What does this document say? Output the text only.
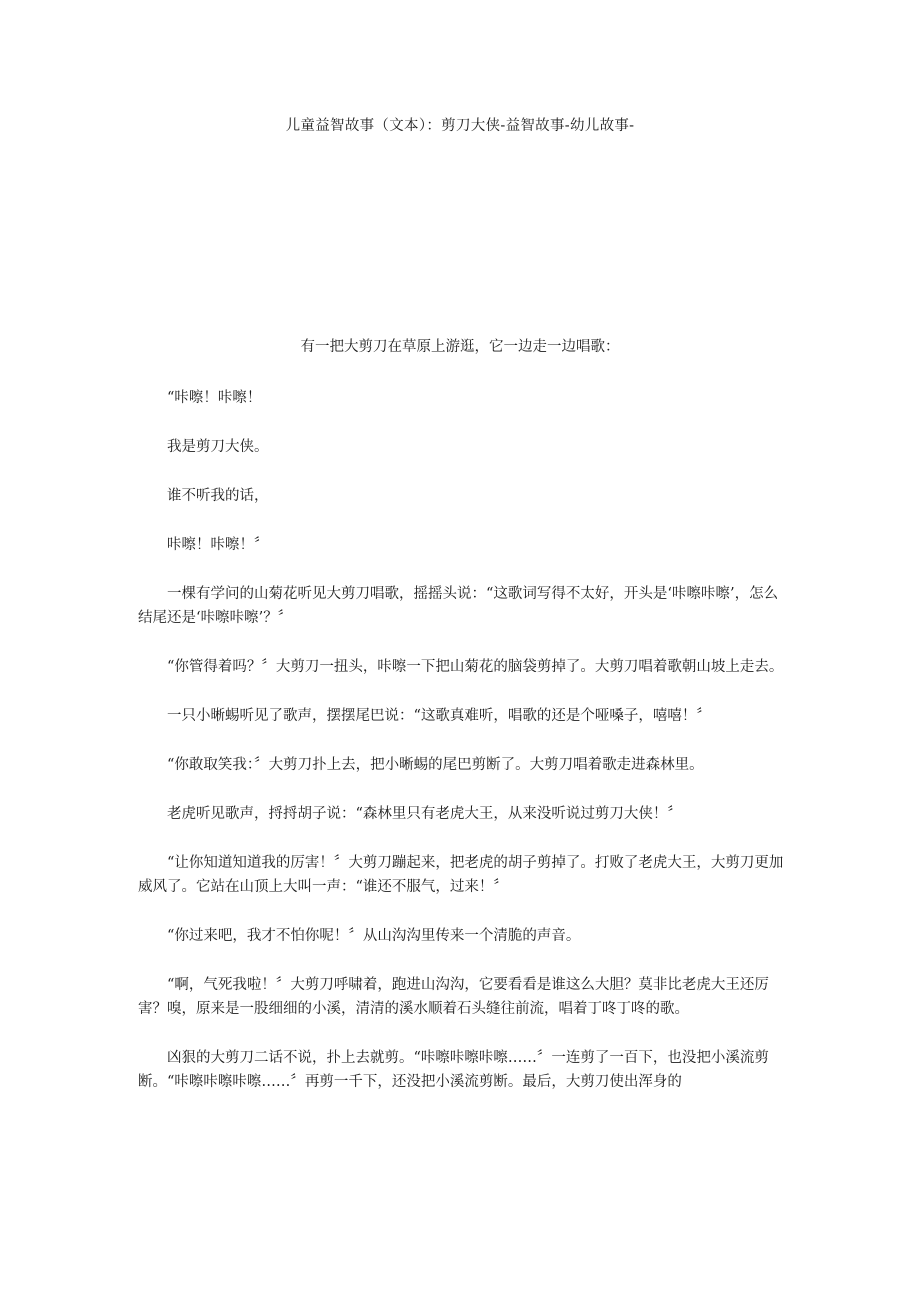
儿童益智故事（文本）：剪刀大侠-益智故事-幼儿故事-
有一把大剪刀在草原上游逛，它一边走一边唱歌：

“咔嚓！咔嚓！

我是剪刀大侠。

谁不听我的话，

咔嚓！咔嚓！〞

一棵有学问的山菊花听见大剪刀唱歌，摇摇头说：“这歌词写得不太好，开头是‘咔嚓咔嚓’，怎么结尾还是‘咔嚓咔嚓’？〞

“你管得着吗？〞大剪刀一扭头，咔嚓一下把山菊花的脑袋剪掉了。大剪刀唱着歌朝山坡上走去。

一只小晰蜴听见了歌声，摆摆尾巴说：“这歌真难听，唱歌的还是个哑嗓子，嘻嘻！〞

“你敢取笑我：〞大剪刀扑上去，把小晰蜴的尾巴剪断了。大剪刀唱着歌走进森林里。

老虎听见歌声，捋捋胡子说：“森林里只有老虎大王，从来没听说过剪刀大侠！〞

“让你知道知道我的厉害！〞大剪刀蹦起来，把老虎的胡子剪掉了。打败了老虎大王，大剪刀更加威风了。它站在山顶上大叫一声：“谁还不服气，过来！〞

“你过来吧，我才不怕你呢！〞从山沟沟里传来一个清脆的声音。

“啊，气死我啦！〞大剪刀呼啸着，跑进山沟沟，它要看看是谁这么大胆？莫非比老虎大王还厉害？嗅，原来是一股细细的小溪，清清的溪水顺着石头缝往前流，唱着丁咚丁咚的歌。

凶狠的大剪刀二话不说，扑上去就剪。“咔嚓咔嚓咔嚓……〞一连剪了一百下，也没把小溪流剪断。“咔嚓咔嚓咔嚓……〞再剪一千下，还没把小溪流剪断。最后，大剪刀使出浑身的
